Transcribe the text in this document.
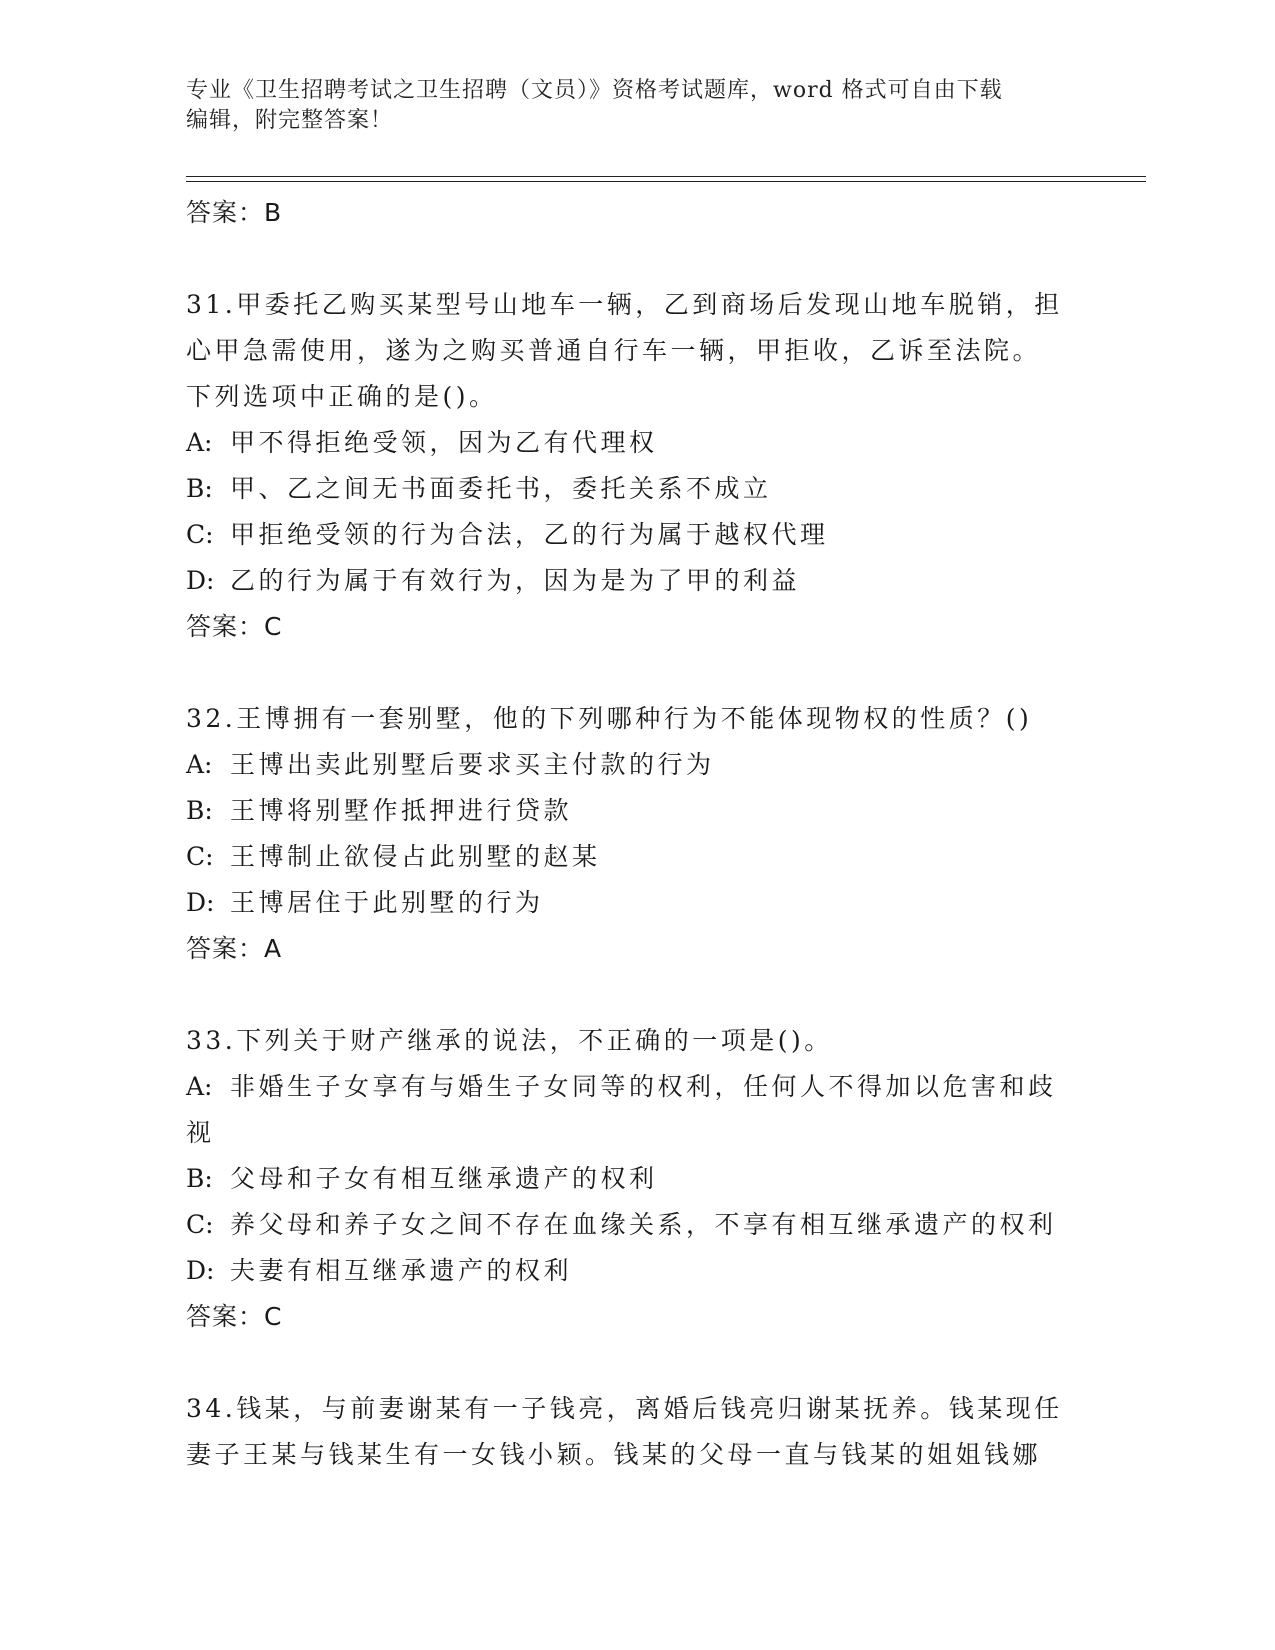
专业《卫生招聘考试之卫生招聘（文员）》资格考试题库，word 格式可自由下载
编辑，附完整答案！
答案：B
31.甲委托乙购买某型号山地车一辆，乙到商场后发现山地车脱销，担
心甲急需使用，遂为之购买普通自行车一辆，甲拒收，乙诉至法院。
下列选项中正确的是()。
A: 甲不得拒绝受领，因为乙有代理权
B: 甲、乙之间无书面委托书，委托关系不成立
C: 甲拒绝受领的行为合法，乙的行为属于越权代理
D: 乙的行为属于有效行为，因为是为了甲的利益
答案：C
32.王博拥有一套别墅，他的下列哪种行为不能体现物权的性质？()
A: 王博出卖此别墅后要求买主付款的行为
B: 王博将别墅作抵押进行贷款
C: 王博制止欲侵占此别墅的赵某
D: 王博居住于此别墅的行为
答案：A
33.下列关于财产继承的说法，不正确的一项是()。
A: 非婚生子女享有与婚生子女同等的权利，任何人不得加以危害和歧
视
B: 父母和子女有相互继承遗产的权利
C: 养父母和养子女之间不存在血缘关系，不享有相互继承遗产的权利
D: 夫妻有相互继承遗产的权利
答案：C
34.钱某，与前妻谢某有一子钱亮，离婚后钱亮归谢某抚养。钱某现任
妻子王某与钱某生有一女钱小颖。钱某的父母一直与钱某的姐姐钱娜
